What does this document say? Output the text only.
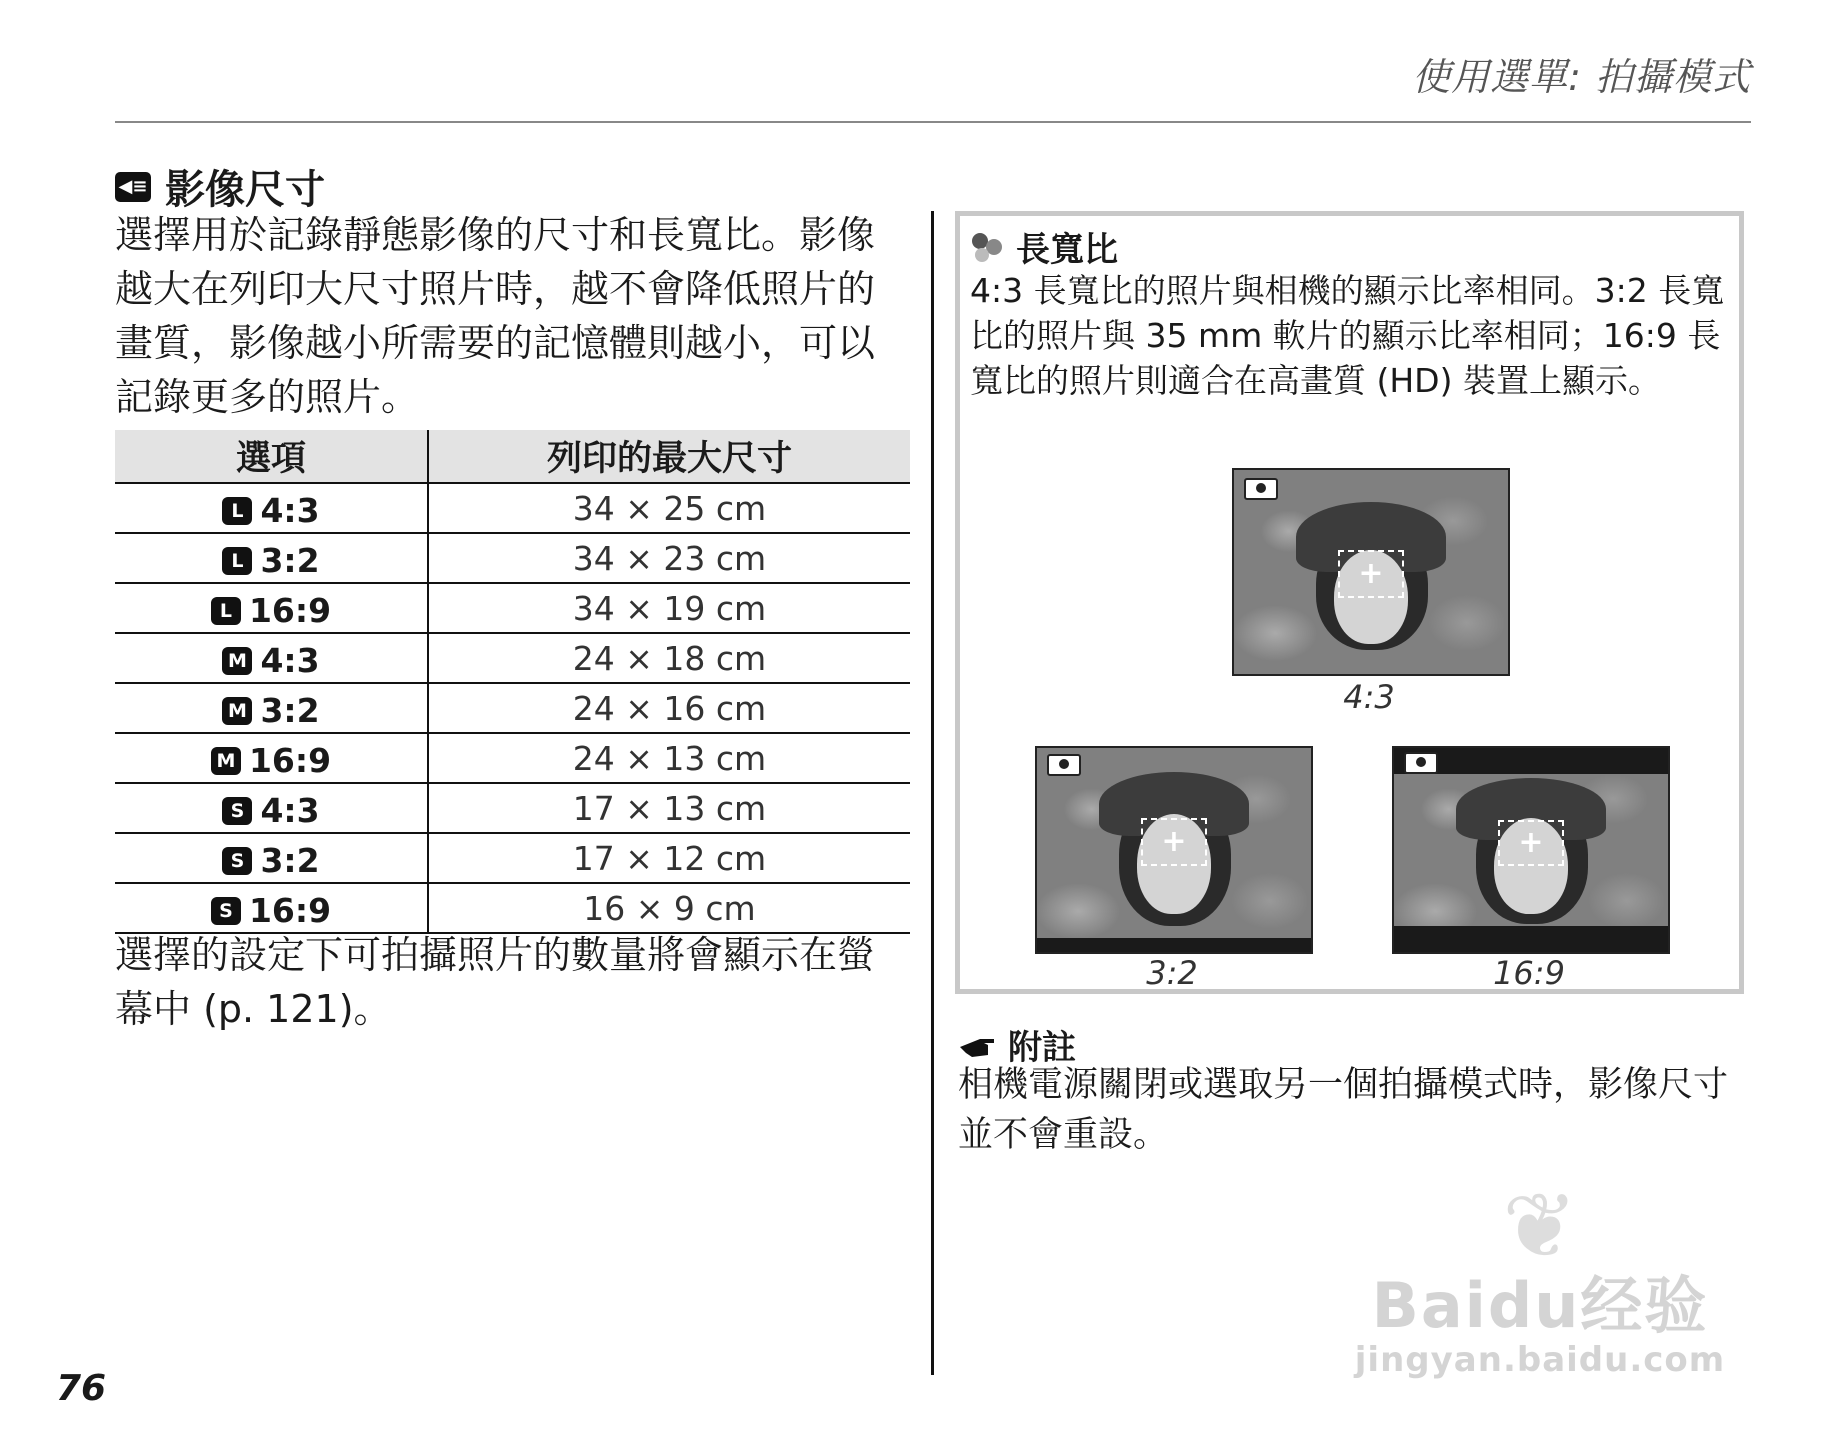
使用選單: 拍攝模式
◀≡ 影像尺寸
選擇用於記錄靜態影像的尺寸和長寬比。影像越大在列印大尺寸照片時，越不會降低照片的畫質，影像越小所需要的記憶體則越小，可以記錄更多的照片。
選項	列印的最大尺寸

L 4:3	34 × 25 cm

L 3:2	34 × 23 cm

L 16:9	34 × 19 cm

M 4:3	24 × 18 cm

M 3:2	24 × 16 cm

M 16:9	24 × 13 cm

S 4:3	17 × 13 cm

S 3:2	17 × 12 cm

S 16:9	16 × 9 cm
選擇的設定下可拍攝照片的數量將會顯示在螢幕中 (p. 121)。
長寬比
4:3 長寬比的照片與相機的顯示比率相同。3:2 長寬比的照片與 35 mm 軟片的顯示比率相同；16:9 長寬比的照片則適合在高畫質 (HD) 裝置上顯示。
+
4:3
+
3:2
+
16:9
附註
相機電源關閉或選取另一個拍攝模式時，影像尺寸並不會重設。
❦
Baidu经验
jingyan.baidu.com
76
